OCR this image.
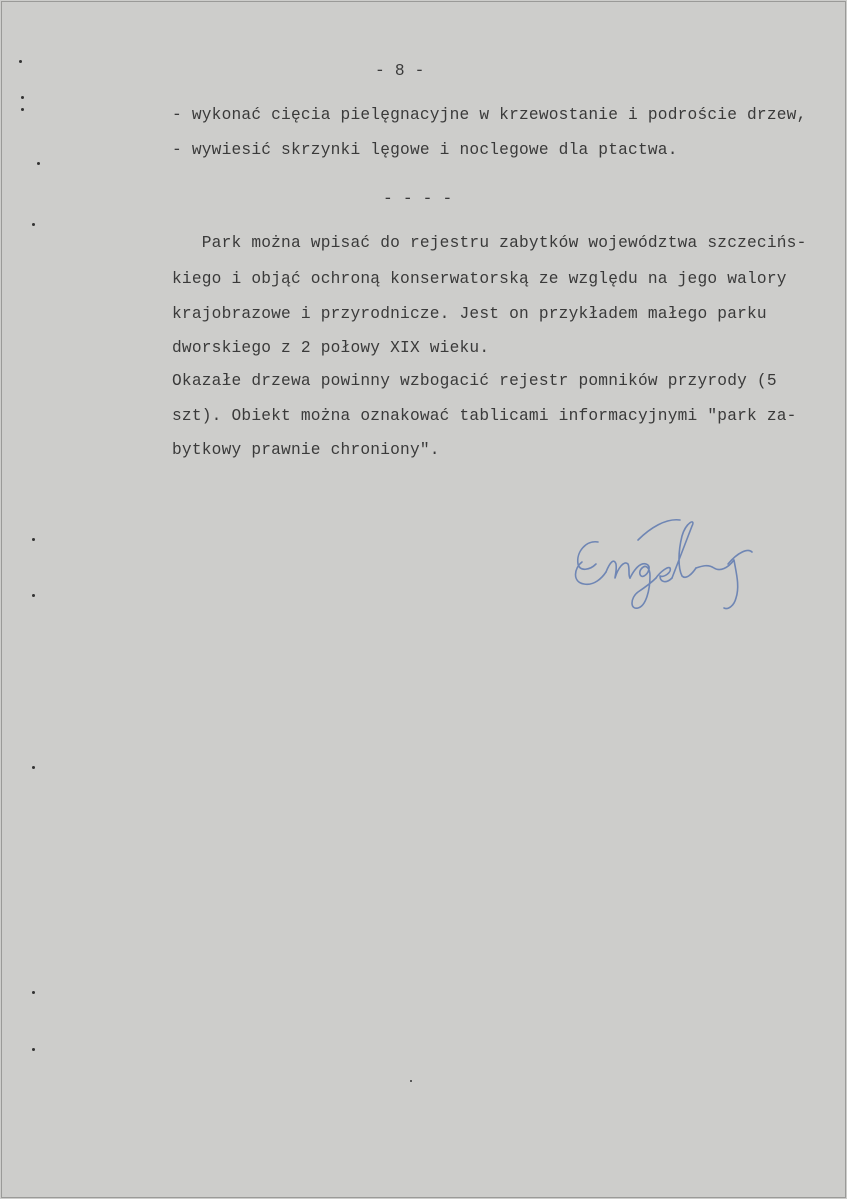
- 8 -
- wykonać cięcia pielęgnacyjne w krzewostanie i podroście drzew,
- wywiesić skrzynki lęgowe i noclegowe dla ptactwa.
- - - -
Park można wpisać do rejestru zabytków województwa szczecińs-
kiego i objąć ochroną konserwatorską ze względu na jego walory
krajobrazowe i przyrodnicze. Jest on przykładem małego parku
dworskiego z 2 połowy XIX wieku.
Okazałe drzewa powinny wzbogacić rejestr pomników przyrody (5
szt). Obiekt można oznakować tablicami informacyjnymi "park za-
bytkowy prawnie chroniony".
